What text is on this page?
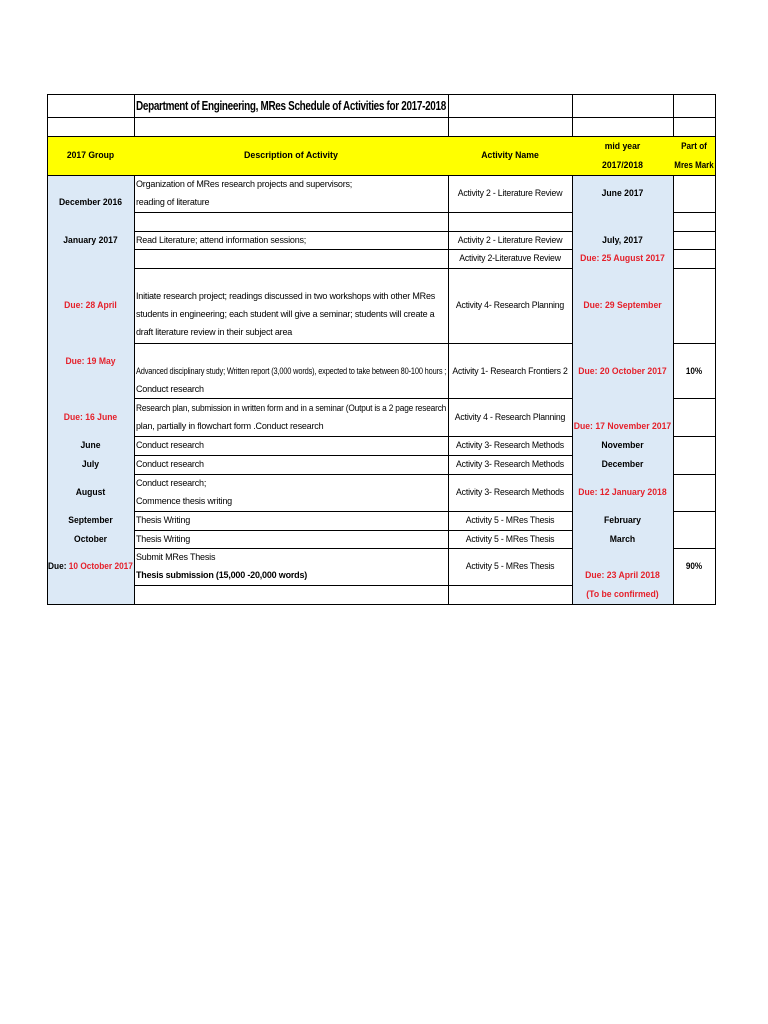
Department of Engineering, MRes Schedule of Activities for 2017-2018
2017 Group	Description of Activity	Activity Name
mid year
2017/2018
Part of
Mres Mark
December 2016
January 2017
Due: 28 April
Due: 19 May
Due: 16 June
June
July
August
September
October
Due:
10 October 2017
Organization of MRes research projects and supervisors;
reading of literature
Read Literature; attend information sessions;
Initiate research project; readings discussed in two workshops with other MRes students in engineering; each student will give a seminar; students will create a draft literature review in their subject area
Advanced disciplinary study; Written report (3,000 words), expected to take between 80-100 hours ;
Conduct research
Research plan, submission in written form and in a seminar (Output is a 2 page research
plan, partially in flowchart form .Conduct research
Conduct research
Conduct research
Conduct research;
Commence thesis writing
Thesis Writing
Thesis Writing
Submit MRes Thesis
Thesis submission (15,000 -20,000 words)
Activity 2 - Literature Review
Activity 2 - Literature Review
Activity 2-Literatuve Review
Activity 4- Research Planning
Activity 1- Research Frontiers 2
Activity 4 - Research Planning
Activity 3- Research Methods
Activity 3- Research Methods
Activity 3- Research Methods
Activity 5 - MRes Thesis
Activity 5 - MRes Thesis
Activity 5 - MRes Thesis
June 2017
July, 2017
Due: 25 August 2017
Due: 29 September
Due: 20 October 2017
Due: 17 November 2017
November
December
Due: 12 January 2018
February
March
Due: 23 April 2018
(To be confirmed)
10%
90%
